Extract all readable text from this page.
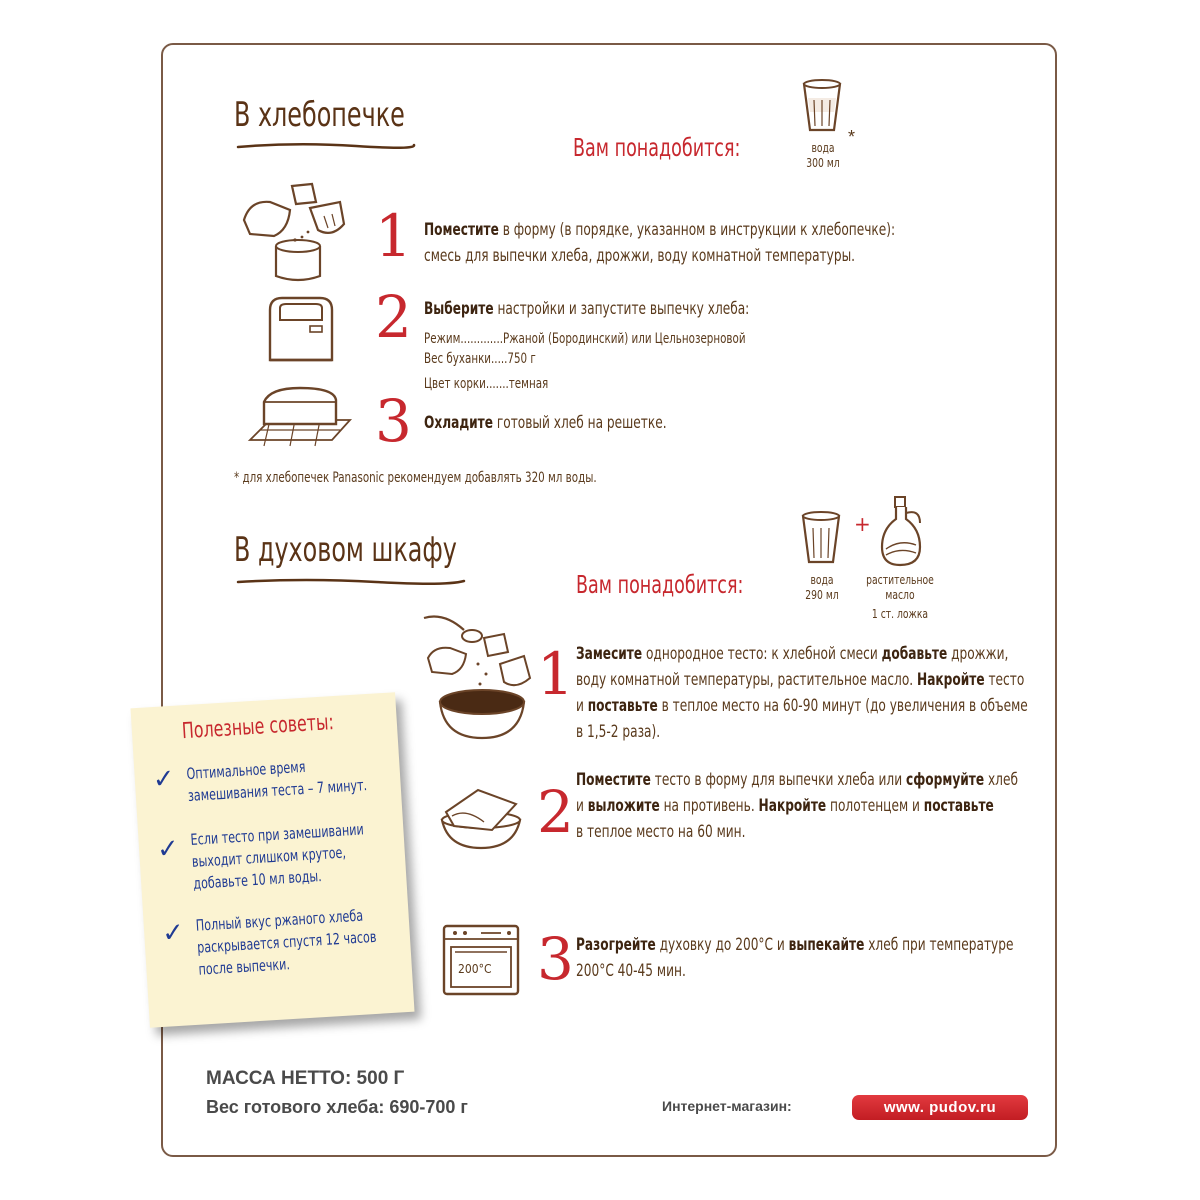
В хлебопечке
Вам понадобится:	*
вода
300 мл
1 Поместите в форму (в порядке, указанном в инструкции к хлебопечке):
смесь для выпечки хлеба, дрожжи, воду комнатной температуры.
2 Выберите настройки и запустите выпечку хлеба:
Режим.............Ржаной (Бородинский) или Цельнозерновой
Вес буханки.....750 г
Цвет корки.......темная
3 Охладите готовый хлеб на решетке.
* для хлебопечек Panasonic рекомендуем добавлять 320 мл воды.
В духовом шкафу
Вам понадобится:
+
вода
290 мл
растительное
масло
1 ст. ложка
1 Замесите однородное тесто: к хлебной смеси добавьте дрожжи,
воду комнатной температуры, растительное масло. Накройте тесто
и поставьте в теплое место на 60-90 минут (до увеличения в объеме
в 1,5-2 раза).
2 Поместите тесто в форму для выпечки хлеба или сформуйте хлеб
и выложите на противень. Накройте полотенцем и поставьте
в теплое место на 60 мин.
200°C 3 Разогрейте духовку до 200°С и выпекайте хлеб при температуре
200°С 40-45 мин.
Полезные советы:
✓ Оптимальное время
замешивания теста – 7 минут.
✓ Если тесто при замешивании
выходит слишком крутое,
добавьте 10 мл воды.
✓ Полный вкус ржаного хлеба
раскрывается спустя 12 часов
после выпечки.
МАССА НЕТТО: 500 Г
Вес готового хлеба: 690-700 г	Интернет-магазин:	www. pudov.ru
